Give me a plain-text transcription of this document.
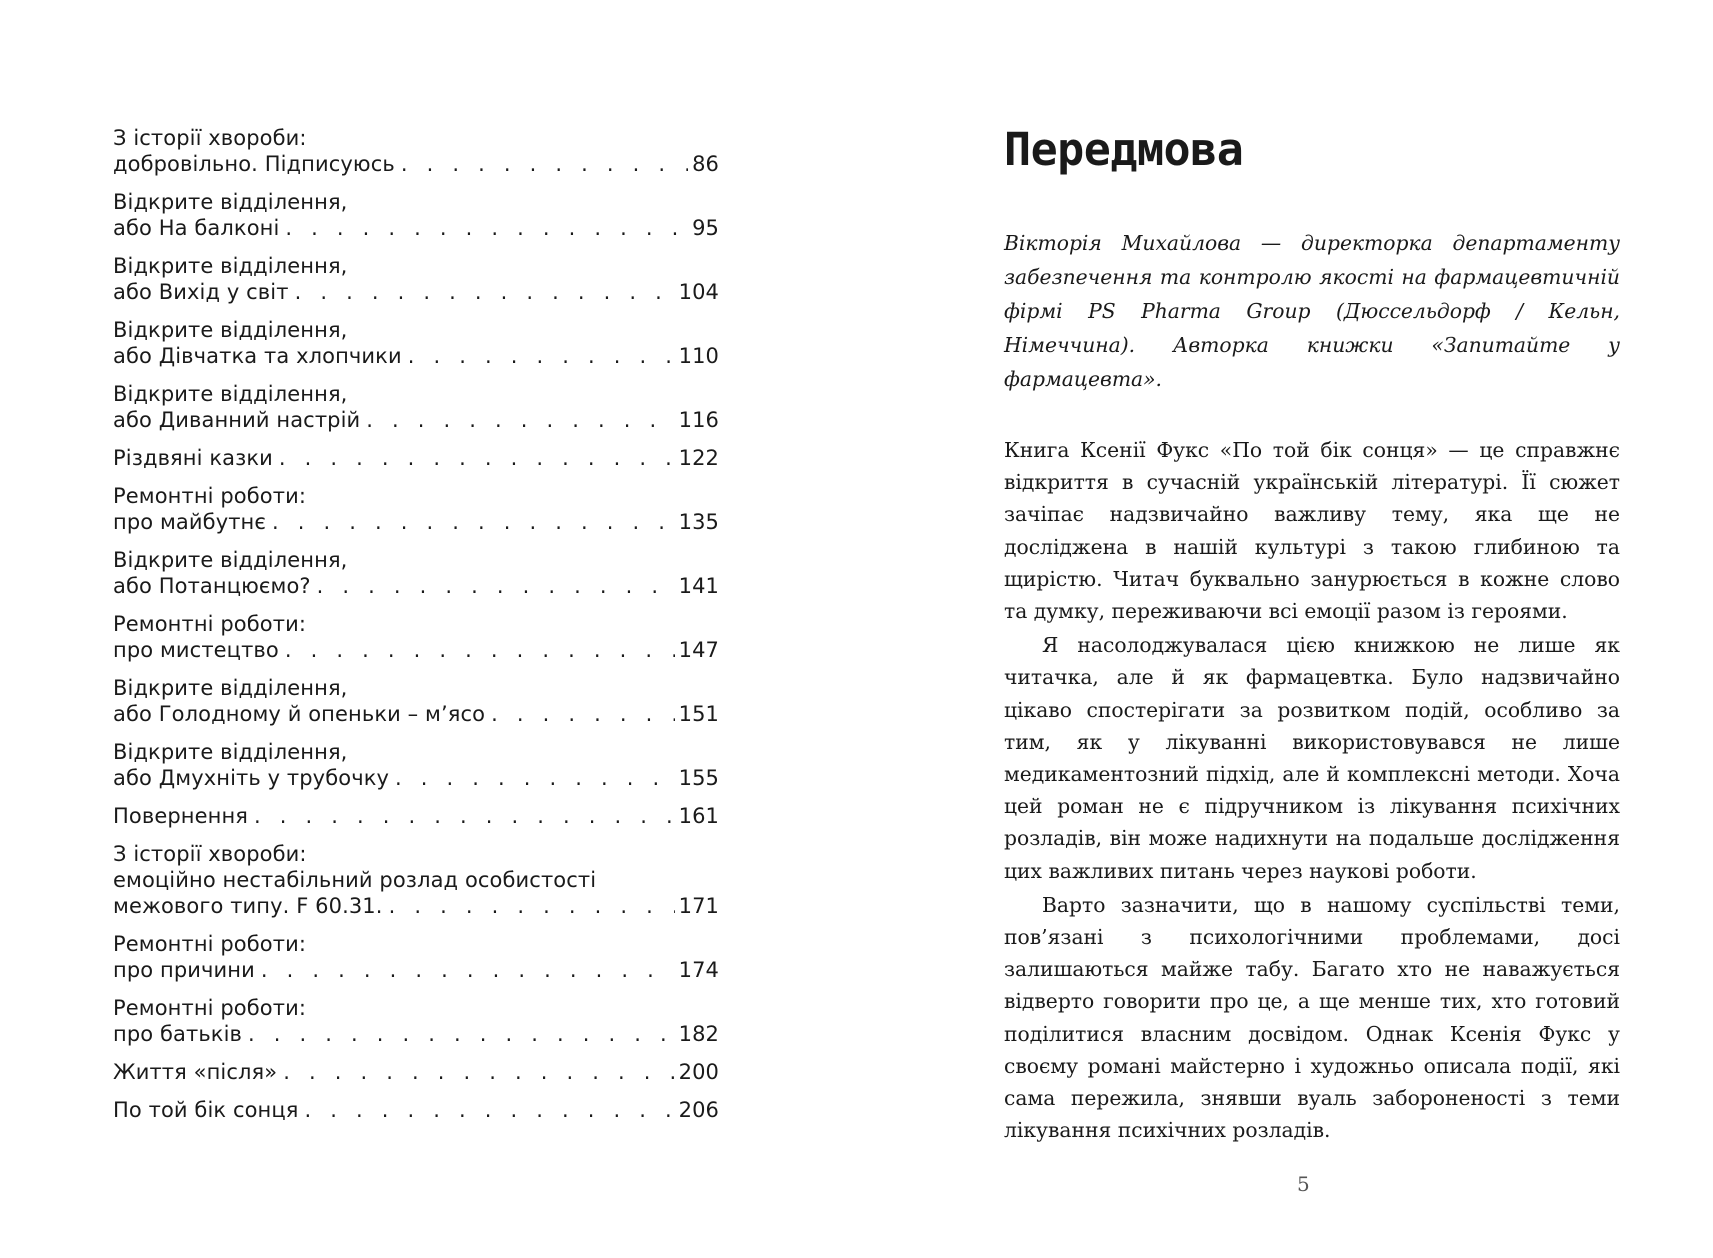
З історії хвороби:
добровільно. Підписуюсь . . .	86
Відкрите відділення,
або На балконі . . .	95
Відкрите відділення,
або Вихід у світ . . .	104
Відкрите відділення,
або Дівчатка та хлопчики . . .	110
Відкрите відділення,
або Диванний настрій . . .	116
Різдвяні казки . . .	122
Ремонтні роботи:
про майбутнє . . .	135
Відкрите відділення,
або Потанцюємо? . . .	141
Ремонтні роботи:
про мистецтво . . .	147
Відкрите відділення,
або Голодному й опеньки – м’ясо . . .	151
Відкрите відділення,
або Дмухніть у трубочку . . .	155
Повернення . . .	161
З історії хвороби:
емоційно нестабільний розлад особистості
межового типу. F 60.31. . . .	171
Ремонтні роботи:
про причини . . .	174
Ремонтні роботи:
про батьків . . .	182
Життя «після» . . .	200
По той бік сонця . . .	206
Передмова

Вікторія Михайлова — директорка департаменту забезпечення та контролю якості на фармацевтичній фірмі PS Pharma Group (Дюссельдорф / Кельн, Німеччина). Авторка книжки «Запитайте у фармацевта».

Книга Ксенії Фукс «По той бік сонця» — це справжнє відкриття в сучасній українській літературі. Її сюжет зачіпає надзвичайно важливу тему, яка ще не досліджена в нашій культурі з такою глибиною та щирістю. Читач буквально занурюється в кожне слово та думку, переживаючи всі емоції разом із героями.

Я насолоджувалася цією книжкою не лише як читачка, але й як фармацевтка. Було надзвичайно цікаво спостерігати за розвитком подій, особливо за тим, як у лікуванні використовувався не лише медикаментозний підхід, але й комплексні методи. Хоча цей роман не є підручником із лікування психічних розладів, він може надихнути на подальше дослідження цих важливих питань через наукові роботи.

Варто зазначити, що в нашому суспільстві теми, пов’язані з психологічними проблемами, досі залишаються майже табу. Багато хто не наважується відверто говорити про це, а ще менше тих, хто готовий поділитися власним досвідом. Однак Ксенія Фукс у своєму романі майстерно і художньо описала події, які сама пережила, знявши вуаль забороненості з теми лікування психічних розладів.

5
